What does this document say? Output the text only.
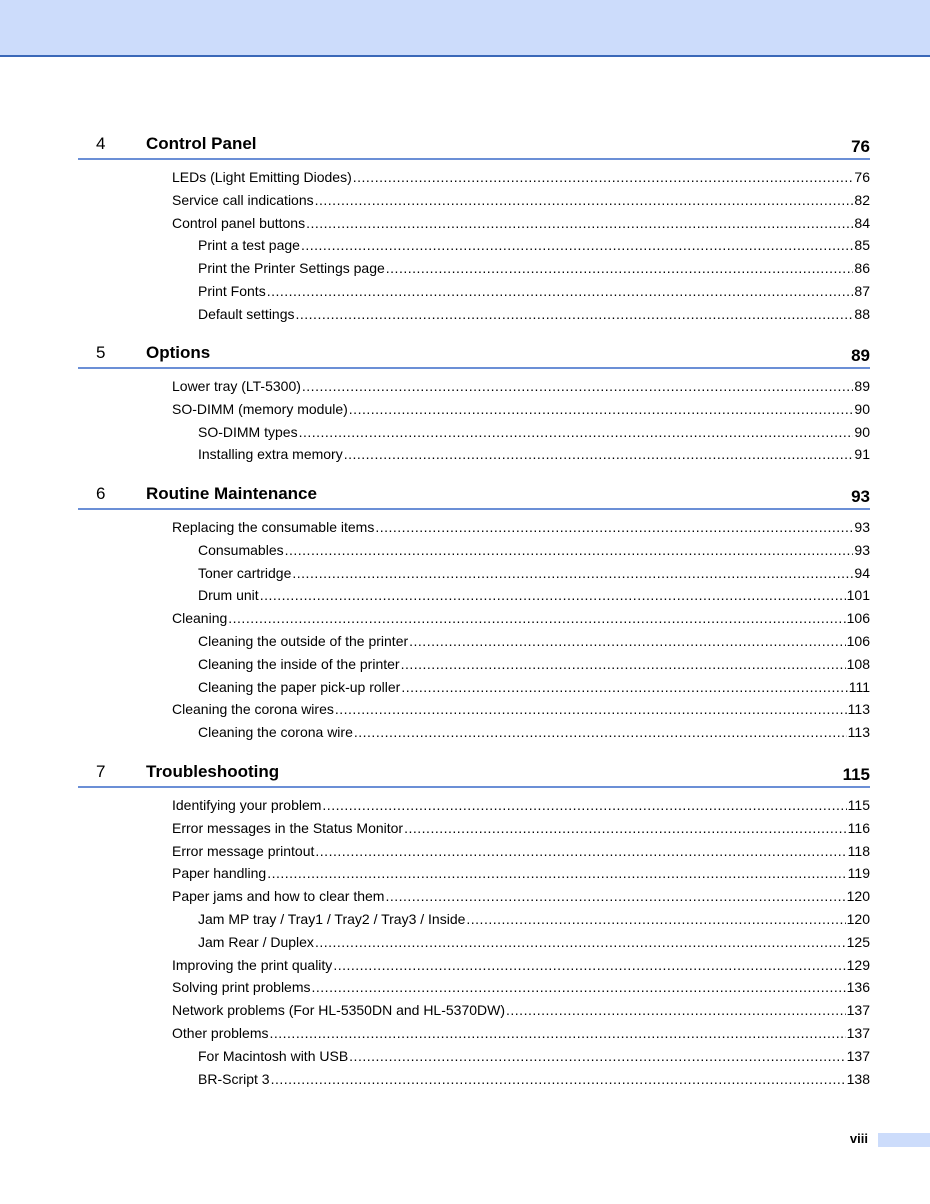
4 Control Panel	76
LEDs (Light Emitting Diodes) .....	76
Service call indications .....	82
Control panel buttons .....	84
Print a test page .....	85
Print the Printer Settings page .....	86
Print Fonts .....	87
Default settings .....	88
5 Options	89
Lower tray (LT-5300) .....	89
SO-DIMM (memory module) .....	90
SO-DIMM types .....	90
Installing extra memory .....	91
6 Routine Maintenance	93
Replacing the consumable items .....	93
Consumables .....	93
Toner cartridge .....	94
Drum unit .....	101
Cleaning .....	106
Cleaning the outside of the printer .....	106
Cleaning the inside of the printer .....	108
Cleaning the paper pick-up roller .....	111
Cleaning the corona wires .....	113
Cleaning the corona wire .....	113
7 Troubleshooting	115
Identifying your problem .....	115
Error messages in the Status Monitor .....	116
Error message printout .....	118
Paper handling .....	119
Paper jams and how to clear them .....	120
Jam MP tray / Tray1 / Tray2 / Tray3 / Inside .....	120
Jam Rear / Duplex .....	125
Improving the print quality .....	129
Solving print problems .....	136
Network problems (For HL-5350DN and HL-5370DW) .....	137
Other problems .....	137
For Macintosh with USB .....	137
BR-Script 3 .....	138
viii
